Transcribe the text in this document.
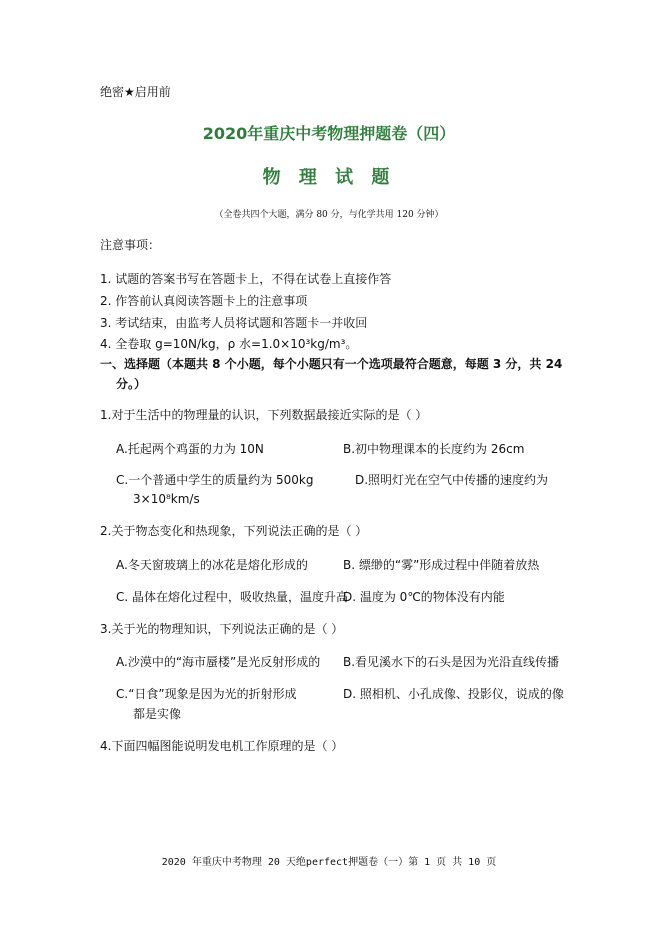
绝密★启用前
2020年重庆中考物理押题卷（四）
物 理 试 题
（全卷共四个大题，满分 80 分，与化学共用 120 分钟）
注意事项：
1. 试题的答案书写在答题卡上，不得在试卷上直接作答
2. 作答前认真阅读答题卡上的注意事项
3. 考试结束，由监考人员将试题和答题卡一并收回
4. 全卷取 g=10N/kg，ρ 水=1.0×10³kg/m³。
一、选择题（本题共 8 个小题，每个小题只有一个选项最符合题意，每题 3 分，共 24
分。）
1.对于生活中的物理量的认识，下列数据最接近实际的是（ ）
A.托起两个鸡蛋的力为 10N	B.初中物理课本的长度约为 26cm
C.一个普通中学生的质量约为 500kg	D.照明灯光在空气中传播的速度约为
3×10⁸km/s
2.关于物态变化和热现象，下列说法正确的是（ ）
A.冬天窗玻璃上的冰花是熔化形成的	B. 缥缈的“雾”形成过程中伴随着放热
C. 晶体在熔化过程中，吸收热量，温度升高
D. 温度为 0℃的物体没有内能
3.关于光的物理知识，下列说法正确的是（ ）
A.沙漠中的“海市蜃楼”是光反射形成的 B.看见溪水下的石头是因为光沿直线传播
C.“日食”现象是因为光的折射形成	D. 照相机、小孔成像、投影仪，说成的像
都是实像
4.下面四幅图能说明发电机工作原理的是（ ）
2020 年重庆中考物理 20 天绝perfect押题卷（一）第 1 页 共 10 页
